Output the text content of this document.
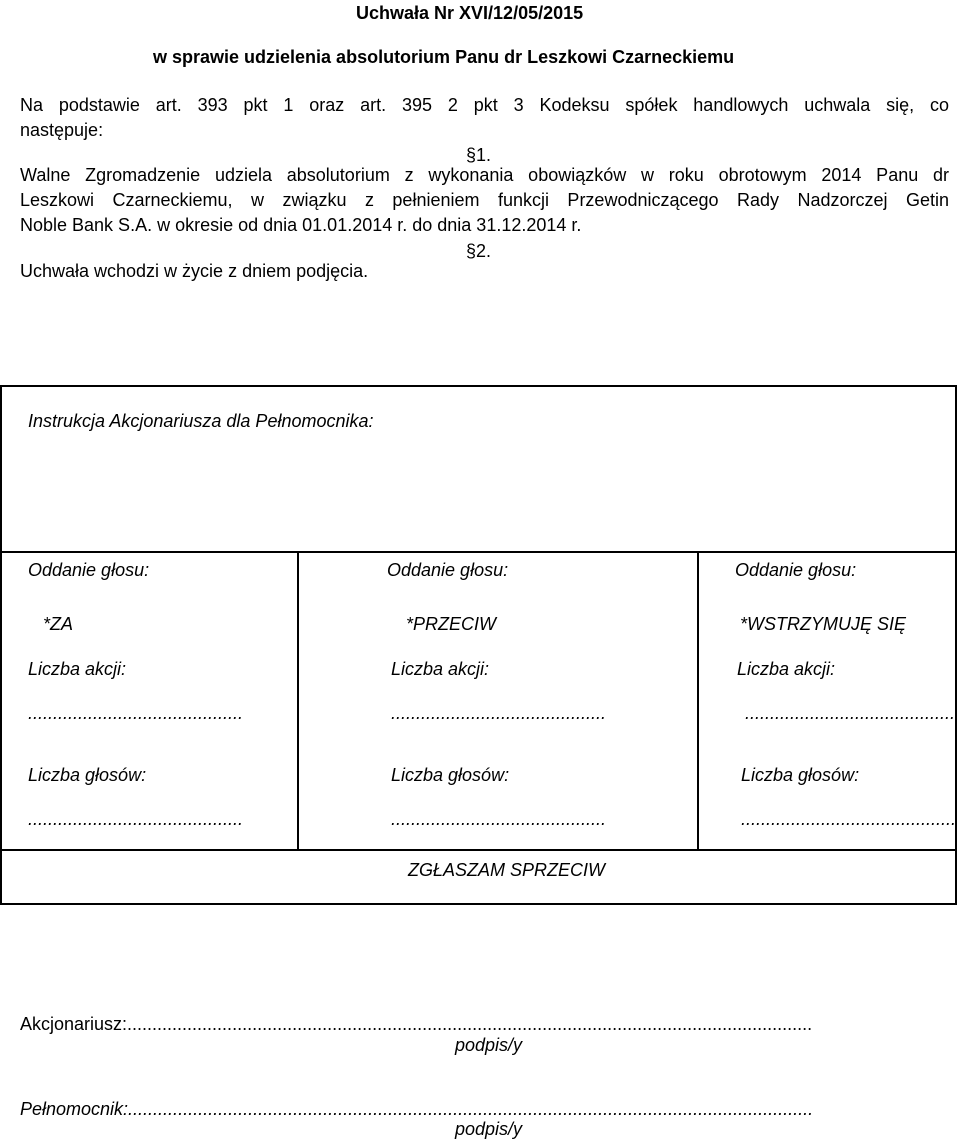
Uchwała Nr XVI/12/05/2015
w sprawie udzielenia absolutorium Panu dr Leszkowi Czarneckiemu
Na podstawie art. 393 pkt 1 oraz art. 395 2 pkt 3 Kodeksu spółek handlowych uchwala się, co
następuje:
§1.
Walne Zgromadzenie udziela absolutorium z wykonania obowiązków w roku obrotowym 2014 Panu dr
Leszkowi Czarneckiemu, w związku z pełnieniem funkcji Przewodniczącego Rady Nadzorczej Getin
Noble Bank S.A. w okresie od dnia 01.01.2014 r. do dnia 31.12.2014 r.
§2.
Uchwała wchodzi w życie z dniem podjęcia.
Instrukcja Akcjonariusza dla Pełnomocnika:
Oddanie głosu:
*ZA
Liczba akcji:
...........................................
Liczba głosów:
...........................................
Oddanie głosu:
*PRZECIW
Liczba akcji:
...........................................
Liczba głosów:
...........................................
Oddanie głosu:
*WSTRZYMUJĘ SIĘ
Liczba akcji:
..........................................
Liczba głosów:
...........................................
ZGŁASZAM SPRZECIW
Akcjonariusz:.........................................................................................................................................
podpis/y
Pełnomocnik:.........................................................................................................................................
podpis/y
